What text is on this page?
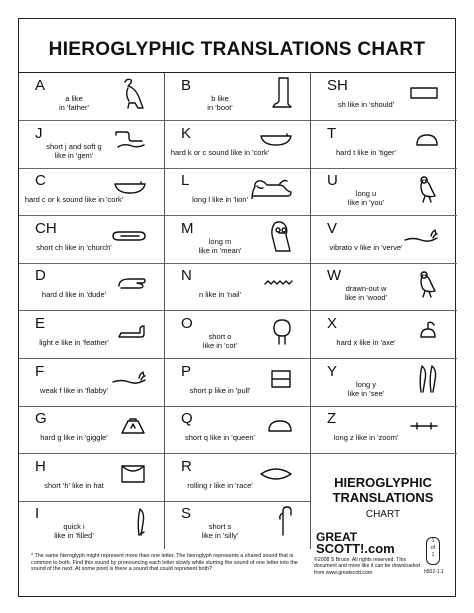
HIEROGLYPHIC TRANSLATIONS CHART
A
a like
in 'father'
J
short j and soft g
like in 'gem'
C
hard c or k sound like in 'cork'
CH
short ch like in 'church'
D
hard d like in 'dude'
E
light e like in 'feather'
F
weak f like in 'flabby'
G
hard g like in 'giggle'
H
short 'h' like in hat
I
quick i
like in 'filled'
B
b like
in 'boot'
K
hard k or c sound like in 'cork'
L
long l like in 'lion'
M
long m
like in 'mean'
N
n like in 'nail'
O
short o
like in 'cot'
P
short p like in 'pull'
Q
short q like in 'queen'
R
rolling r like in 'race'
S
short s
like in 'silly'
SH
sh like in 'should'
T
hard t like in 'tiger'
U
long u
like in 'you'
V
vibrato v like in 'verve'
W
drawn-out w
like in 'wood'
X
hard x like in 'axe'
Y
long y
like in 'see'
Z
long z like in 'zoom'
HIEROGLYPHIC
TRANSLATIONS
CHART
GREAT
SCOTT!.com
©2008 S Bruce. All rights reserved. This document and more like it can be downloaded from www.greatscott.com
1
of
1
h502-1.1
* The same hieroglyph might represent more than one letter. The hieroglyph represents a shared sound that is common to both. Find this sound by pronouncing each letter slowly while slurring the sound of one letter into the sound of the next. At some point is there a sound that could represent both?
